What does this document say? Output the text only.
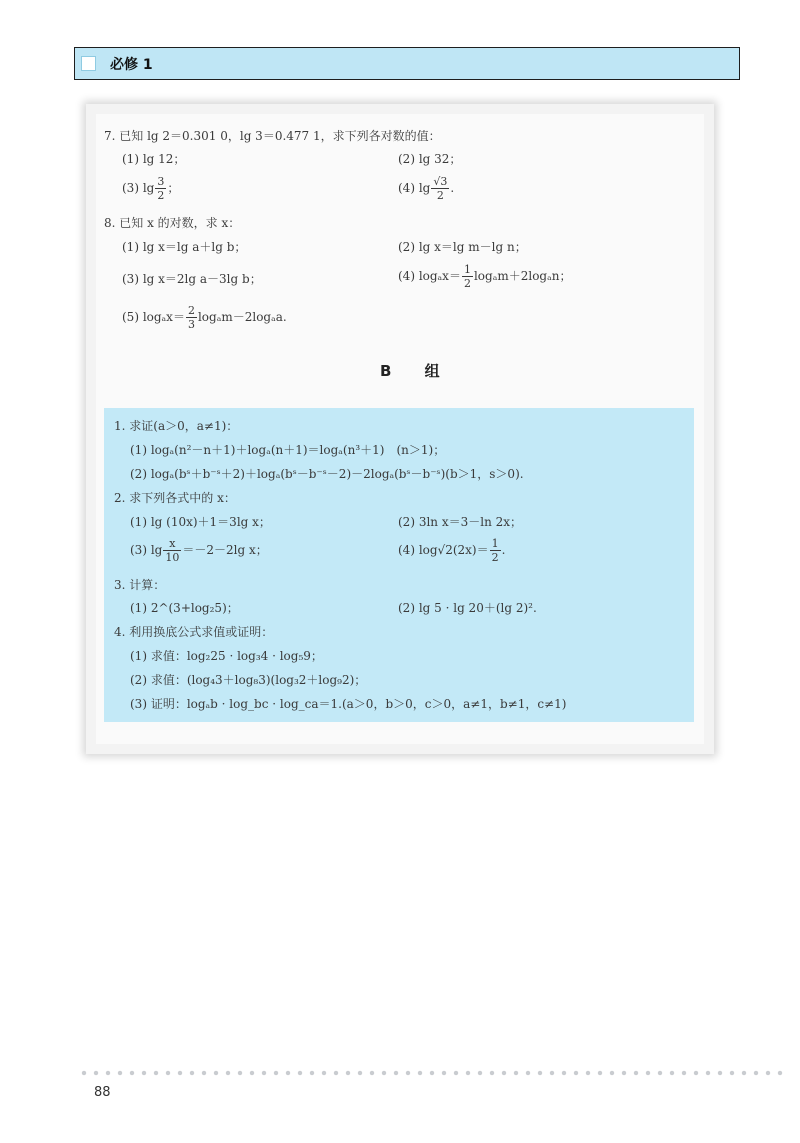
必修 1
7. 已知 lg 2＝0.301 0，lg 3＝0.477 1，求下列各对数的值：
(1) lg 12；	(2) lg 32；
(3) $\lg \frac{3}{2}$ ；	(4) $\lg \frac{√3}{2}$ .
8. 已知 x 的对数，求 x：
(1) lg x＝lg a＋lg b；	(2) lg x＝lg m－lg n；
(3) lg x＝2lg a－3lg b；	(4) $\log_ax= \frac{1}{2} \log_am+2\log_an$；
(5) $\log_ax= \frac{2}{3} \log_am-2\log_aa$.
B 组
1. 求证(a＞0，a≠1)：
(1) logₐ(n²－n＋1)＋logₐ(n＋1)＝logₐ(n³＋1)　(n＞1)；
(2) logₐ(bˢ＋b⁻ˢ＋2)＋logₐ(bˢ－b⁻ˢ－2)－2logₐ(bˢ－b⁻ˢ)(b＞1，s＞0).
2. 求下列各式中的 x：
(1) lg (10x)＋1＝3lg x；	(2) 3ln x＝3－ln 2x；
(3) $\lg \frac{x}{10} =-2-2\lg$ x；	(4) $\log√2(2x)= \frac{1}{2}$ .
3. 计算：
(1) 2^(3+log₂5)；	(2) lg 5 · lg 20＋(lg 2)².
4. 利用换底公式求值或证明：
(1) 求值：log₂25 · log₃4 · log₅9；
(2) 求值：(log₄3＋log₈3)(log₃2＋log₉2)；
(3) 证明：logₐb · log_bc · log_ca＝1.(a＞0，b＞0，c＞0，a≠1，b≠1，c≠1)
88
